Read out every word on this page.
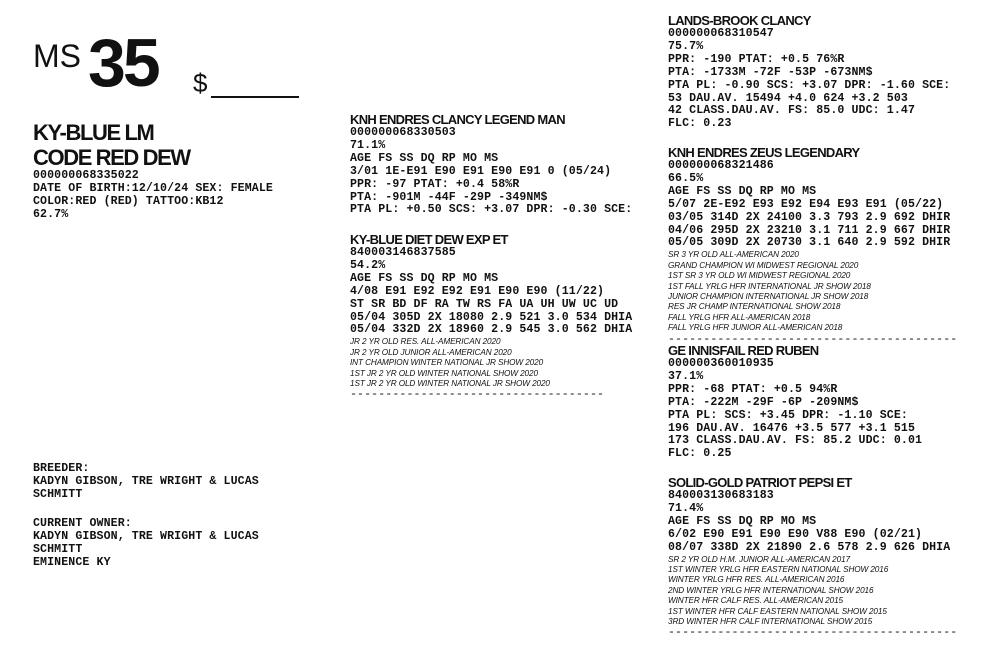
MS 35 $
KY-BLUE LM
CODE RED DEW
000000068335022
DATE OF BIRTH:12/10/24 SEX: FEMALE
COLOR:RED (RED) TATTOO:KB12
62.7%
BREEDER:
KADYN GIBSON, TRE WRIGHT & LUCAS
SCHMITT
CURRENT OWNER:
KADYN GIBSON, TRE WRIGHT & LUCAS
SCHMITT
EMINENCE KY
KNH ENDRES CLANCY LEGEND MAN
000000068330503
71.1%
AGE FS SS DQ RP MO MS
3/01 1E-E91 E90 E91 E90 E91 0 (05/24)
PPR: -97 PTAT: +0.4 58%R
PTA: -901M -44F -29P -349NM$
PTA PL: +0.50 SCS: +3.07 DPR: -0.30 SCE:
KY-BLUE DIET DEW EXP ET
840003146837585
54.2%
AGE FS SS DQ RP MO MS
4/08 E91 E92 E92 E91 E90 E90 (11/22)
ST SR BD DF RA TW RS FA UA UH UW UC UD
05/04 305D 2X 18080 2.9 521 3.0 534 DHIA
05/04 332D 2X 18960 2.9 545 3.0 562 DHIA
JR 2 YR OLD RES. ALL-AMERICAN 2020
JR 2 YR OLD JUNIOR ALL-AMERICAN 2020
INT CHAMPION WINTER NATIONAL JR SHOW 2020
1ST JR 2 YR OLD WINTER NATIONAL SHOW 2020
1ST JR 2 YR OLD WINTER NATIONAL JR SHOW 2020
------------------------------------
LANDS-BROOK CLANCY
000000068310547
75.7%
PPR: -190 PTAT: +0.5 76%R
PTA: -1733M -72F -53P -673NM$
PTA PL: -0.90 SCS: +3.07 DPR: -1.60 SCE:
53 DAU.AV. 15494 +4.0 624 +3.2 503
42 CLASS.DAU.AV. FS: 85.0 UDC: 1.47
FLC: 0.23
KNH ENDRES ZEUS LEGENDARY
000000068321486
66.5%
AGE FS SS DQ RP MO MS
5/07 2E-E92 E93 E92 E94 E93 E91 (05/22)
03/05 314D 2X 24100 3.3 793 2.9 692 DHIR
04/06 295D 2X 23210 3.1 711 2.9 667 DHIR
05/05 309D 2X 20730 3.1 640 2.9 592 DHIR
SR 3 YR OLD ALL-AMERICAN 2020
GRAND CHAMPION WI MIDWEST REGIONAL 2020
1ST SR 3 YR OLD WI MIDWEST REGIONAL 2020
1ST FALL YRLG HFR INTERNATIONAL JR SHOW 2018
JUNIOR CHAMPION INTERNATIONAL JR SHOW 2018
RES JR CHAMP INTERNATIONAL SHOW 2018
FALL YRLG HFR ALL-AMERICAN 2018
FALL YRLG HFR JUNIOR ALL-AMERICAN 2018
-----------------------------------------
GE INNISFAIL RED RUBEN
000000360010935
37.1%
PPR: -68 PTAT: +0.5 94%R
PTA: -222M -29F -6P -209NM$
PTA PL: SCS: +3.45 DPR: -1.10 SCE:
196 DAU.AV. 16476 +3.5 577 +3.1 515
173 CLASS.DAU.AV. FS: 85.2 UDC: 0.01
FLC: 0.25
SOLID-GOLD PATRIOT PEPSI ET
840003130683183
71.4%
AGE FS SS DQ RP MO MS
6/02 E90 E91 E90 E90 V88 E90 (02/21)
08/07 338D 2X 21890 2.6 578 2.9 626 DHIA
SR 2 YR OLD H.M. JUNIOR ALL-AMERICAN 2017
1ST WINTER YRLG HFR EASTERN NATIONAL SHOW 2016
WINTER YRLG HFR RES. ALL-AMERICAN 2016
2ND WINTER YRLG HFR INTERNATIONAL SHOW 2016
WINTER HFR CALF RES. ALL-AMERICAN 2015
1ST WINTER HFR CALF EASTERN NATIONAL SHOW 2015
3RD WINTER HFR CALF INTERNATIONAL SHOW 2015
-----------------------------------------
